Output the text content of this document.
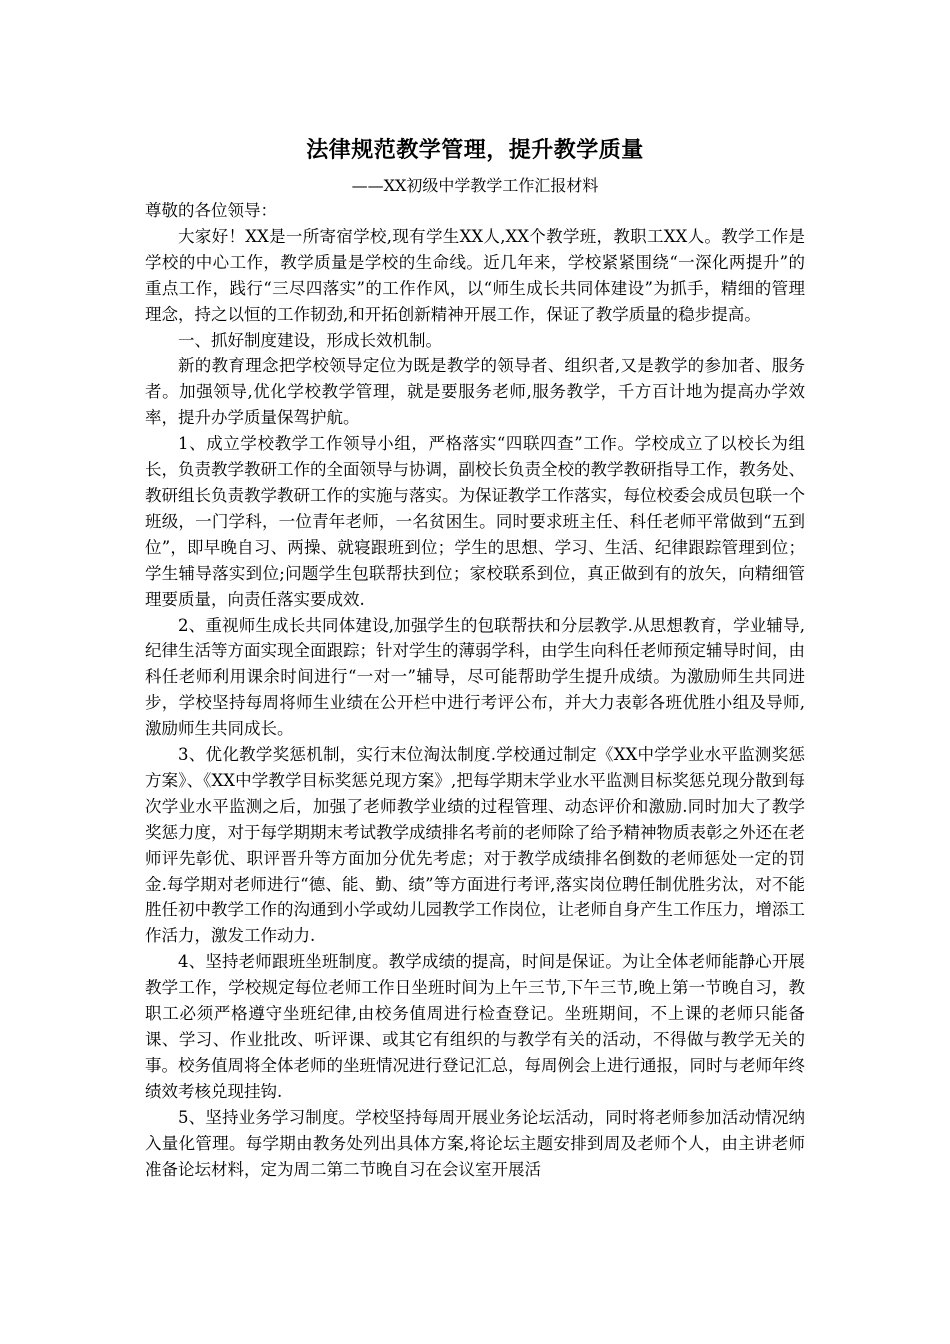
法律规范教学管理，提升教学质量
——XX初级中学教学工作汇报材料

尊敬的各位领导：

大家好！XX是一所寄宿学校,现有学生XX人,XX个教学班，教职工XX人。教学工作是学校的中心工作，教学质量是学校的生命线。近几年来，学校紧紧围绕“一深化两提升”的重点工作，践行“三尽四落实”的工作作风，以“师生成长共同体建设”为抓手，精细的管理理念，持之以恒的工作韧劲,和开拓创新精神开展工作，保证了教学质量的稳步提高。

一、抓好制度建设，形成长效机制。

新的教育理念把学校领导定位为既是教学的领导者、组织者,又是教学的参加者、服务者。加强领导,优化学校教学管理，就是要服务老师,服务教学，千方百计地为提高办学效率，提升办学质量保驾护航。

1、成立学校教学工作领导小组，严格落实“四联四查”工作。学校成立了以校长为组长，负责教学教研工作的全面领导与协调，副校长负责全校的教学教研指导工作，教务处、教研组长负责教学教研工作的实施与落实。为保证教学工作落实，每位校委会成员包联一个班级，一门学科，一位青年老师，一名贫困生。同时要求班主任、科任老师平常做到“五到位”，即早晚自习、两操、就寝跟班到位；学生的思想、学习、生活、纪律跟踪管理到位；学生辅导落实到位;问题学生包联帮扶到位；家校联系到位，真正做到有的放矢，向精细管理要质量，向责任落实要成效.

2、重视师生成长共同体建设,加强学生的包联帮扶和分层教学.从思想教育，学业辅导,纪律生活等方面实现全面跟踪；针对学生的薄弱学科，由学生向科任老师预定辅导时间，由科任老师利用课余时间进行“一对一”辅导，尽可能帮助学生提升成绩。为激励师生共同进步，学校坚持每周将师生业绩在公开栏中进行考评公布，并大力表彰各班优胜小组及导师,激励师生共同成长。

3、优化教学奖惩机制，实行末位淘汰制度.学校通过制定《XX中学学业水平监测奖惩方案》、《XX中学教学目标奖惩兑现方案》,把每学期末学业水平监测目标奖惩兑现分散到每次学业水平监测之后，加强了老师教学业绩的过程管理、动态评价和激励.同时加大了教学奖惩力度，对于每学期期末考试教学成绩排名考前的老师除了给予精神物质表彰之外还在老师评先彰优、职评晋升等方面加分优先考虑；对于教学成绩排名倒数的老师惩处一定的罚金.每学期对老师进行“德、能、勤、绩”等方面进行考评,落实岗位聘任制优胜劣汰，对不能胜任初中教学工作的沟通到小学或幼儿园教学工作岗位，让老师自身产生工作压力，增添工作活力，激发工作动力.

4、坚持老师跟班坐班制度。教学成绩的提高，时间是保证。为让全体老师能静心开展教学工作，学校规定每位老师工作日坐班时间为上午三节,下午三节,晚上第一节晚自习，教职工必须严格遵守坐班纪律,由校务值周进行检查登记。坐班期间，不上课的老师只能备课、学习、作业批改、听评课、或其它有组织的与教学有关的活动，不得做与教学无关的事。校务值周将全体老师的坐班情况进行登记汇总，每周例会上进行通报，同时与老师年终绩效考核兑现挂钩.

5、坚持业务学习制度。学校坚持每周开展业务论坛活动，同时将老师参加活动情况纳入量化管理。每学期由教务处列出具体方案,将论坛主题安排到周及老师个人，由主讲老师准备论坛材料，定为周二第二节晚自习在会议室开展活
